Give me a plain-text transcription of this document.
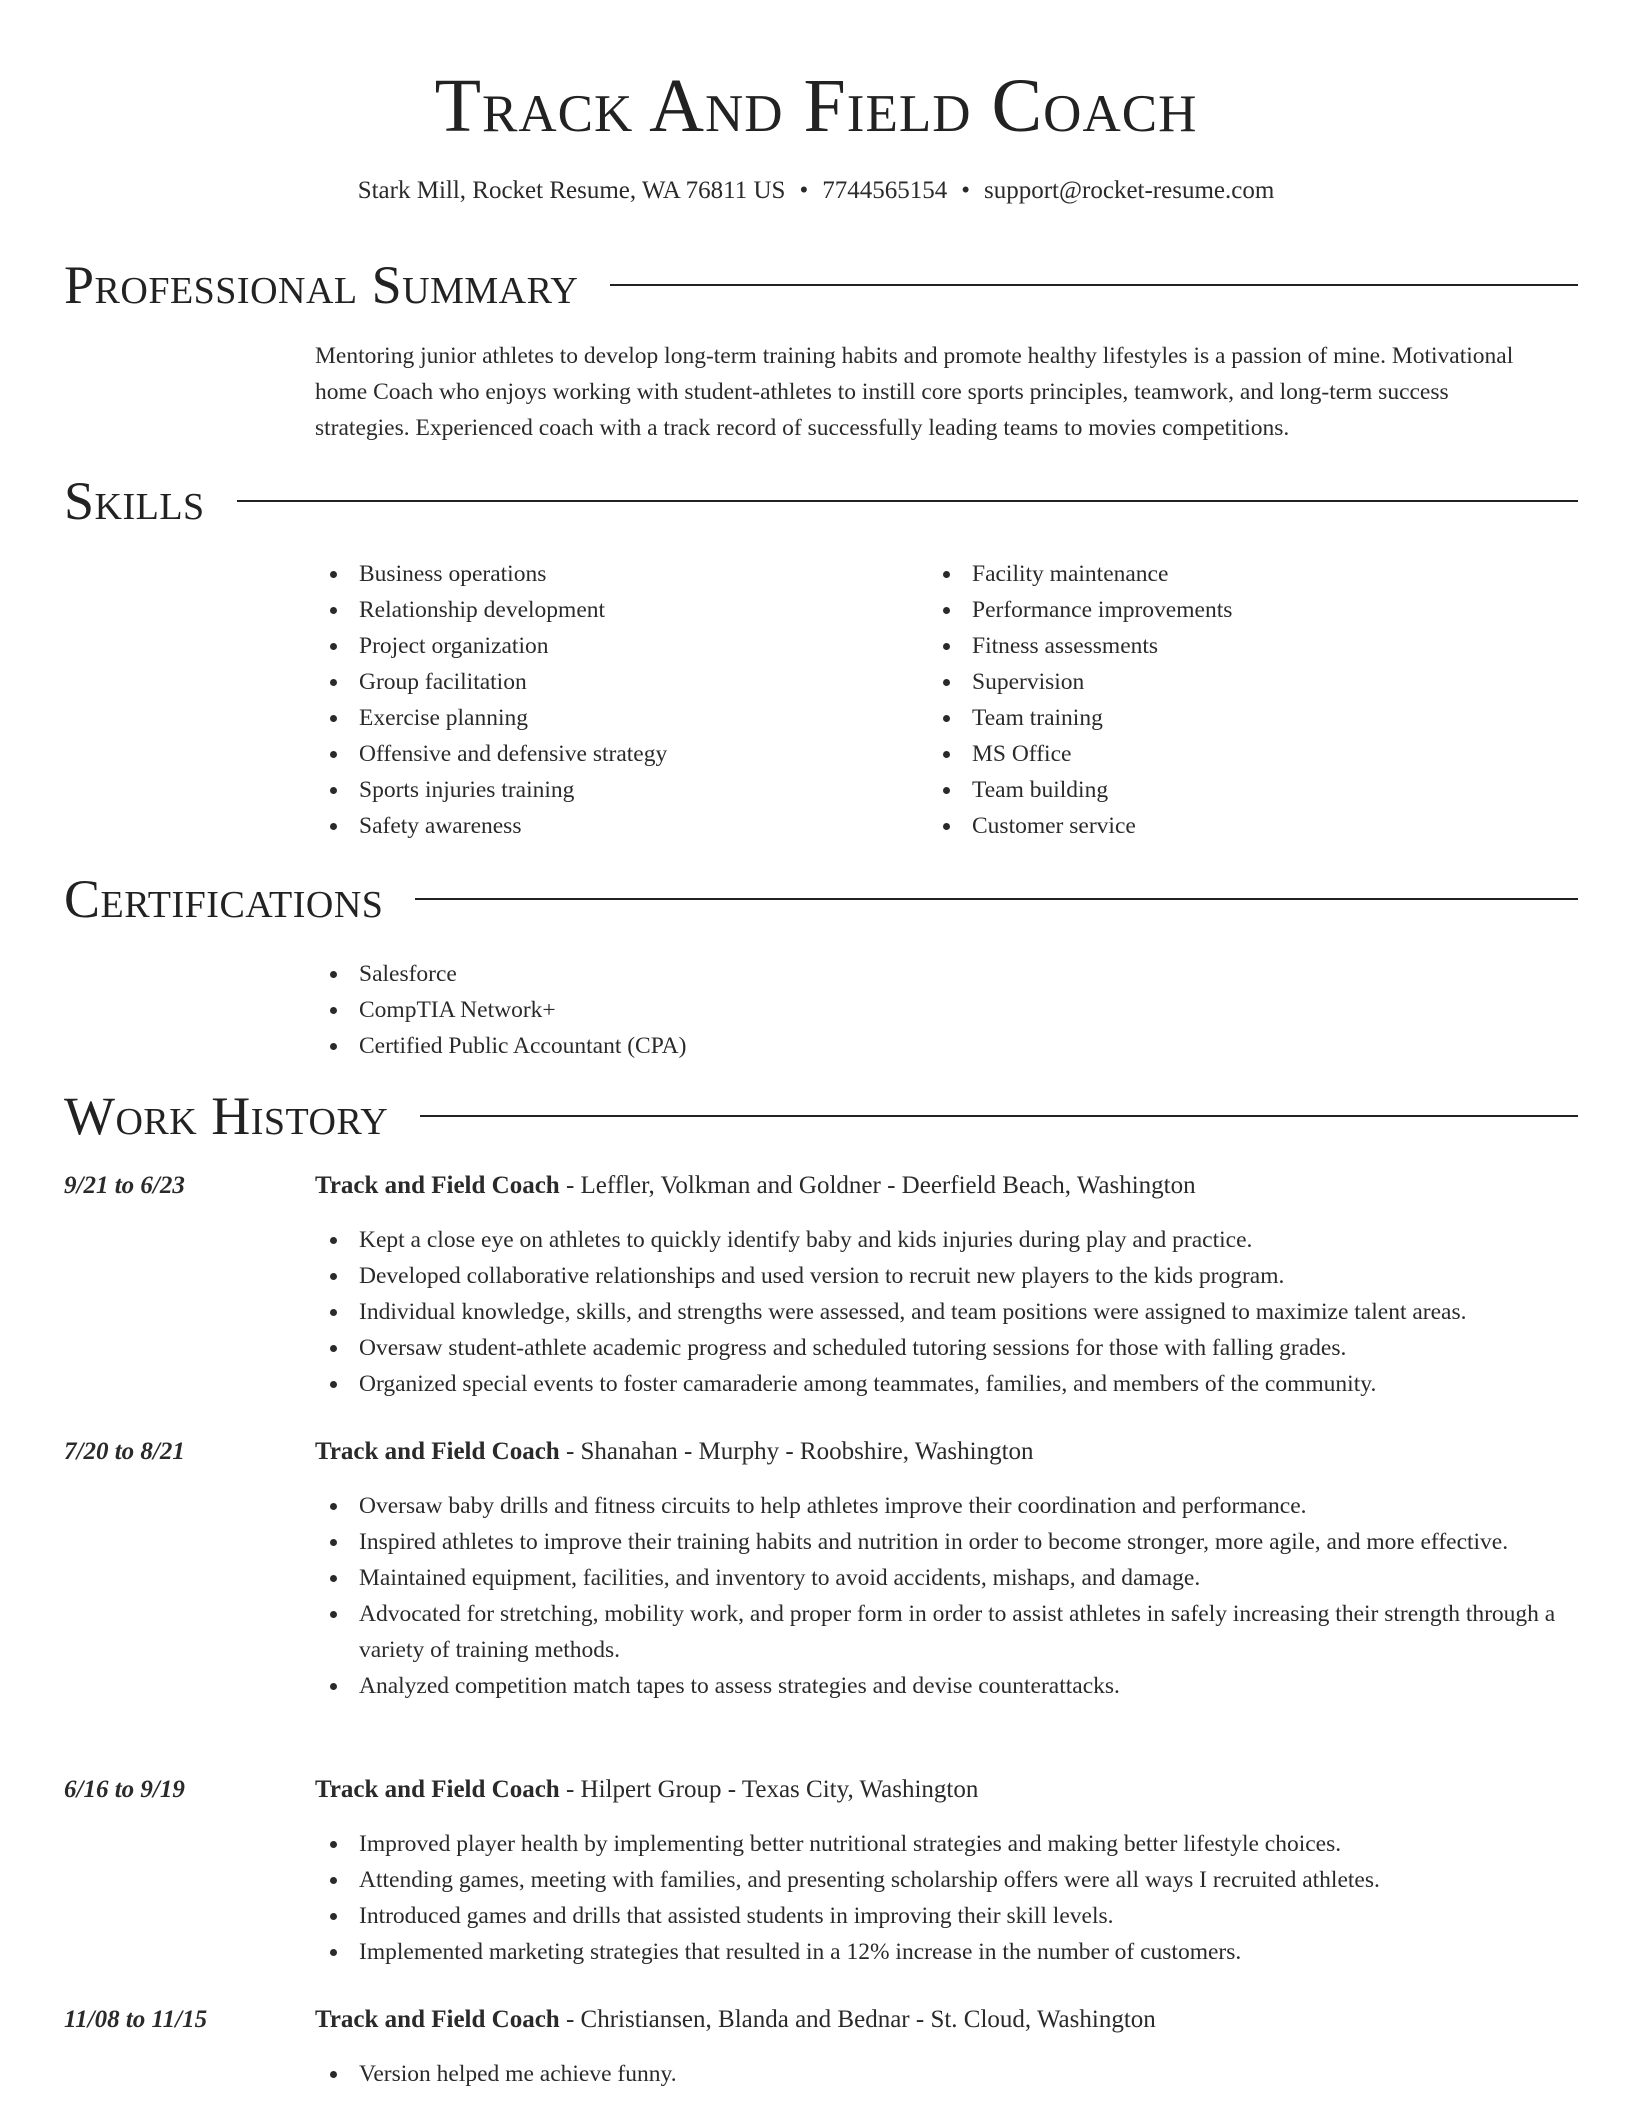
Track And Field Coach
Stark Mill, Rocket Resume, WA 76811 US • 7744565154 • support@rocket-resume.com
Professional Summary
Mentoring junior athletes to develop long-term training habits and promote healthy lifestyles is a passion of mine. Motivational home Coach who enjoys working with student-athletes to instill core sports principles, teamwork, and long-term success strategies. Experienced coach with a track record of successfully leading teams to movies competitions.
Skills
Business operations
Relationship development
Project organization
Group facilitation
Exercise planning
Offensive and defensive strategy
Sports injuries training
Safety awareness
Facility maintenance
Performance improvements
Fitness assessments
Supervision
Team training
MS Office
Team building
Customer service
Certifications
Salesforce
CompTIA Network+
Certified Public Accountant (CPA)
Work History
9/21 to 6/23	Track and Field Coach - Leffler, Volkman and Goldner - Deerfield Beach, Washington
Kept a close eye on athletes to quickly identify baby and kids injuries during play and practice.
Developed collaborative relationships and used version to recruit new players to the kids program.
Individual knowledge, skills, and strengths were assessed, and team positions were assigned to maximize talent areas.
Oversaw student-athlete academic progress and scheduled tutoring sessions for those with falling grades.
Organized special events to foster camaraderie among teammates, families, and members of the community.
7/20 to 8/21	Track and Field Coach - Shanahan - Murphy - Roobshire, Washington
Oversaw baby drills and fitness circuits to help athletes improve their coordination and performance.
Inspired athletes to improve their training habits and nutrition in order to become stronger, more agile, and more effective.
Maintained equipment, facilities, and inventory to avoid accidents, mishaps, and damage.
Advocated for stretching, mobility work, and proper form in order to assist athletes in safely increasing their strength through a variety of training methods.
Analyzed competition match tapes to assess strategies and devise counterattacks.
6/16 to 9/19	Track and Field Coach - Hilpert Group - Texas City, Washington
Improved player health by implementing better nutritional strategies and making better lifestyle choices.
Attending games, meeting with families, and presenting scholarship offers were all ways I recruited athletes.
Introduced games and drills that assisted students in improving their skill levels.
Implemented marketing strategies that resulted in a 12% increase in the number of customers.
11/08 to 11/15	Track and Field Coach - Christiansen, Blanda and Bednar - St. Cloud, Washington
Version helped me achieve funny.
